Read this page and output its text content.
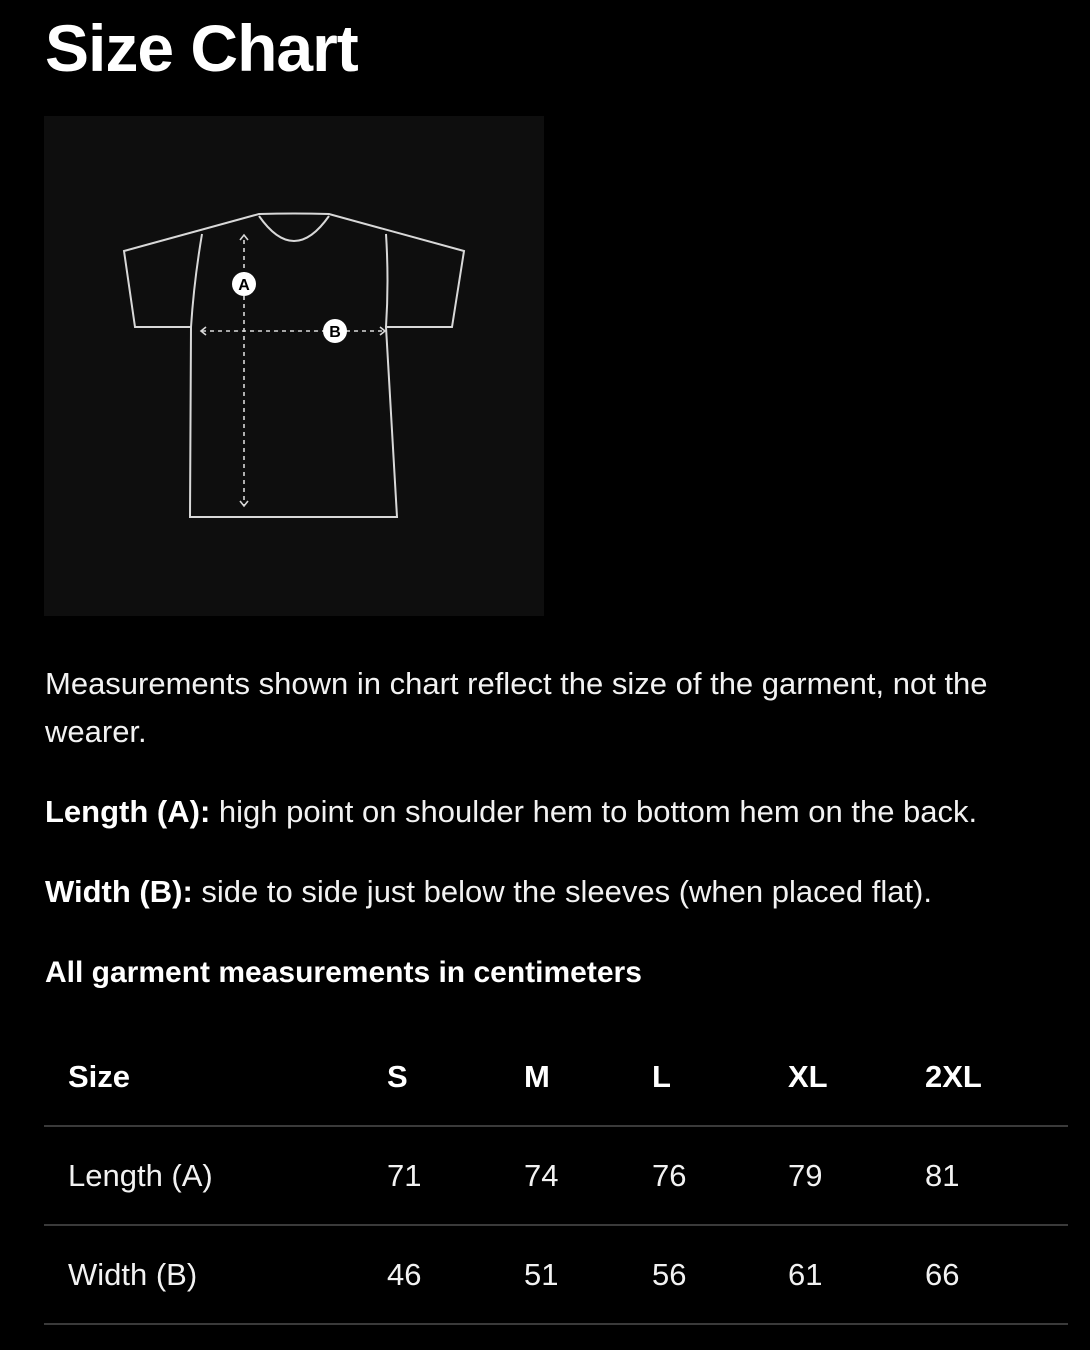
Size Chart
A
B

Measurements shown in chart reflect the size of the garment, not the wearer.

Length (A): high point on shoulder hem to bottom hem on the back.

Width (B): side to side just below the sleeves (when placed flat).

All garment measurements in centimeters

Size	S	M	L	XL	2XL
Length (A)	71	74	76	79	81
Width (B)	46	51	56	61	66
